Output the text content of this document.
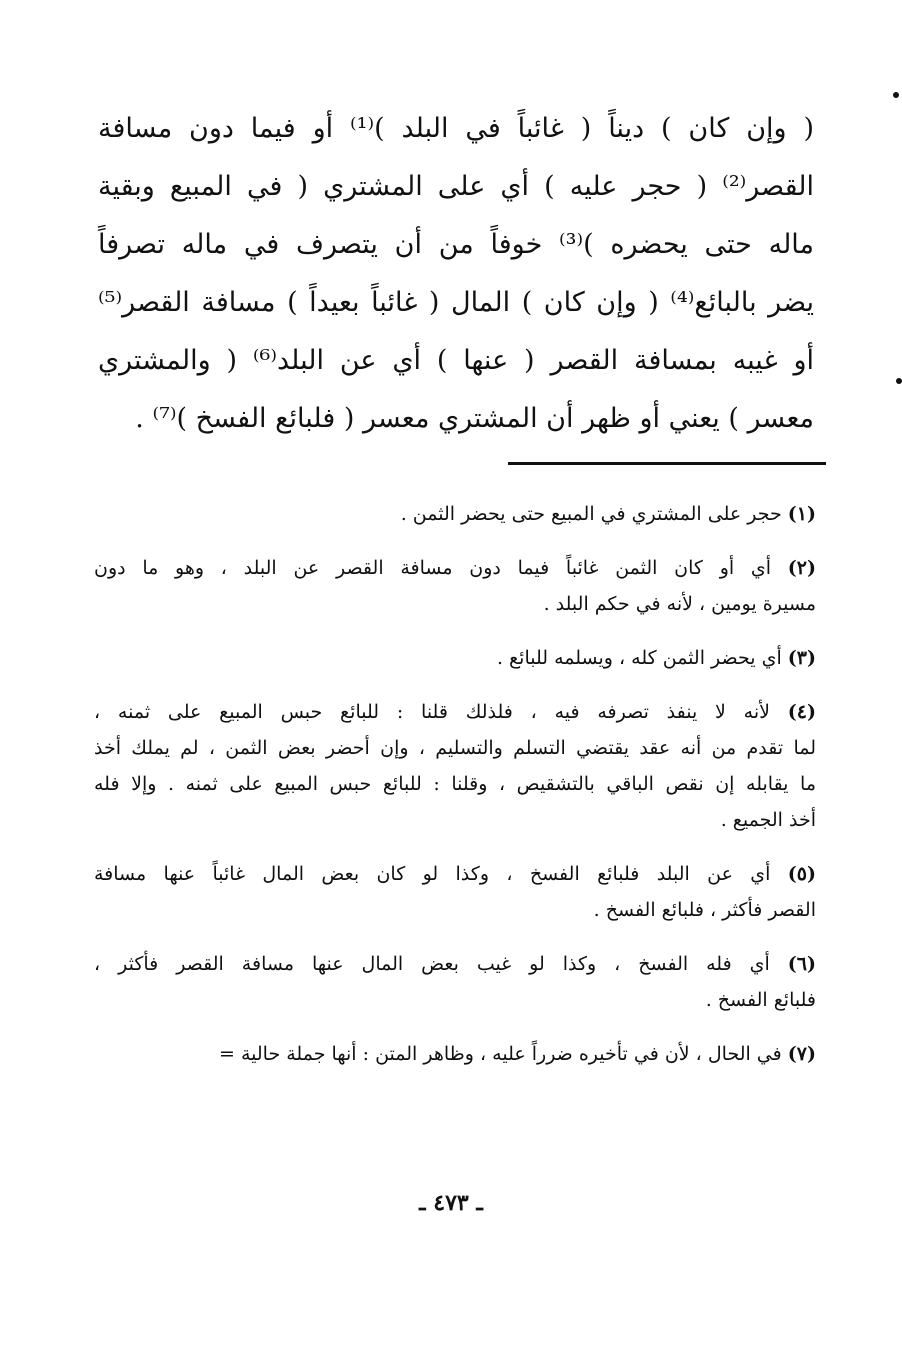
( وإن كان ) ديناً ( غائباً في البلد )⁽¹⁾ أو فيما دون مسافة
القصر⁽²⁾ ( حجر عليه ) أي على المشتري ( في المبيع وبقية
ماله حتى يحضره )⁽³⁾ خوفاً من أن يتصرف في ماله تصرفاً
يضر بالبائع⁽⁴⁾ ( وإن كان ) المال ( غائباً بعيداً ) مسافة القصر⁽⁵⁾
أو غيبه بمسافة القصر ( عنها ) أي عن البلد⁽⁶⁾ ( والمشتري
معسر ) يعني أو ظهر أن المشتري معسر ( فلبائع الفسخ )⁽⁷⁾ .
(١) حجر على المشتري في المبيع حتى يحضر الثمن .
(٢) أي أو كان الثمن غائباً فيما دون مسافة القصر عن البلد ، وهو ما دون
مسيرة يومين ، لأنه في حكم البلد .
(٣) أي يحضر الثمن كله ، ويسلمه للبائع .
(٤) لأنه لا ينفذ تصرفه فيه ، فلذلك قلنا : للبائع حبس المبيع على ثمنه ،
لما تقدم من أنه عقد يقتضي التسلم والتسليم ، وإن أحضر بعض الثمن ، لم يملك أخذ
ما يقابله إن نقص الباقي بالتشقيص ، وقلنا : للبائع حبس المبيع على ثمنه . وإلا فله
أخذ الجميع .
(٥) أي عن البلد فلبائع الفسخ ، وكذا لو كان بعض المال غائباً عنها مسافة
القصر فأكثر ، فلبائع الفسخ .
(٦) أي فله الفسخ ، وكذا لو غيب بعض المال عنها مسافة القصر فأكثر ،
فلبائع الفسخ .
(٧) في الحال ، لأن في تأخيره ضرراً عليه ، وظاهر المتن : أنها جملة حالية =
ـ ٤٧٣ ـ
